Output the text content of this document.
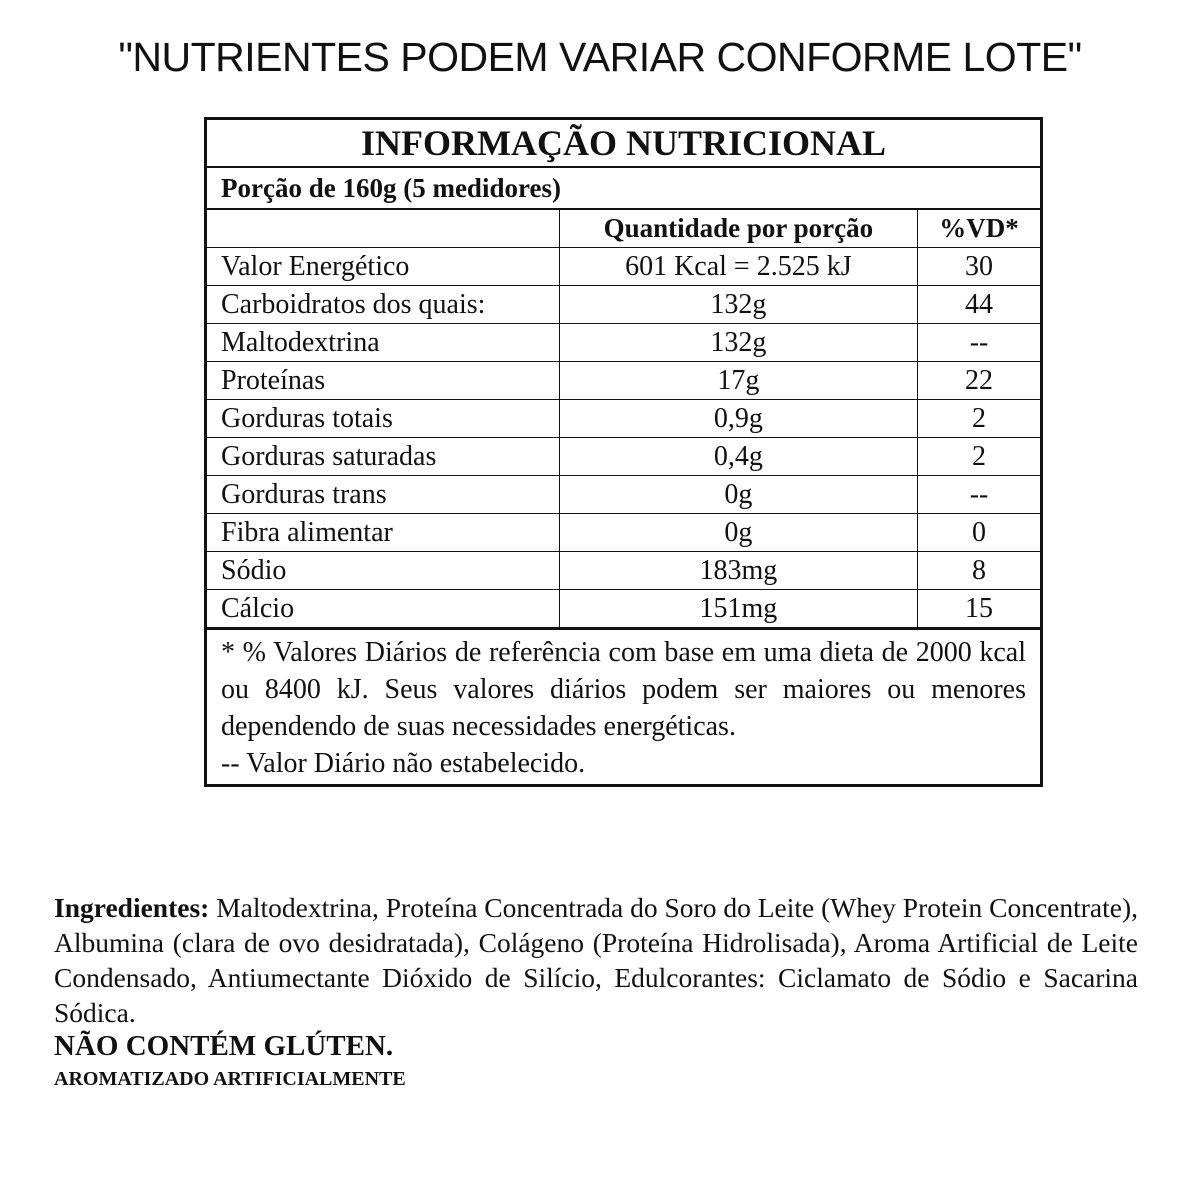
"NUTRIENTES PODEM VARIAR CONFORME LOTE"
INFORMAÇÃO NUTRICIONAL
Porção de 160g (5 medidores)
	Quantidade por porção	%VD*
Valor Energético	601 Kcal = 2.525 kJ	30
Carboidratos dos quais:	132g	44
Maltodextrina	132g	--
Proteínas	17g	22
Gorduras totais	0,9g	2
Gorduras saturadas	0,4g	2
Gorduras trans	0g	--
Fibra alimentar	0g	0
Sódio	183mg	8
Cálcio	151mg	15

* % Valores Diários de referência com base em uma dieta de 2000 kcal ou 8400 kJ. Seus valores diários podem ser maiores ou menores dependendo de suas necessidades energéticas.

-- Valor Diário não estabelecido.

Ingredientes: Maltodextrina, Proteína Concentrada do Soro do Leite (Whey Protein Concentrate), Albumina (clara de ovo desidratada), Colágeno (Proteína Hidrolisada), Aroma Artificial de Leite Condensado, Antiumectante Dióxido de Silício, Edulcorantes: Ciclamato de Sódio e Sacarina Sódica.
NÃO CONTÉM GLÚTEN.
AROMATIZADO ARTIFICIALMENTE
